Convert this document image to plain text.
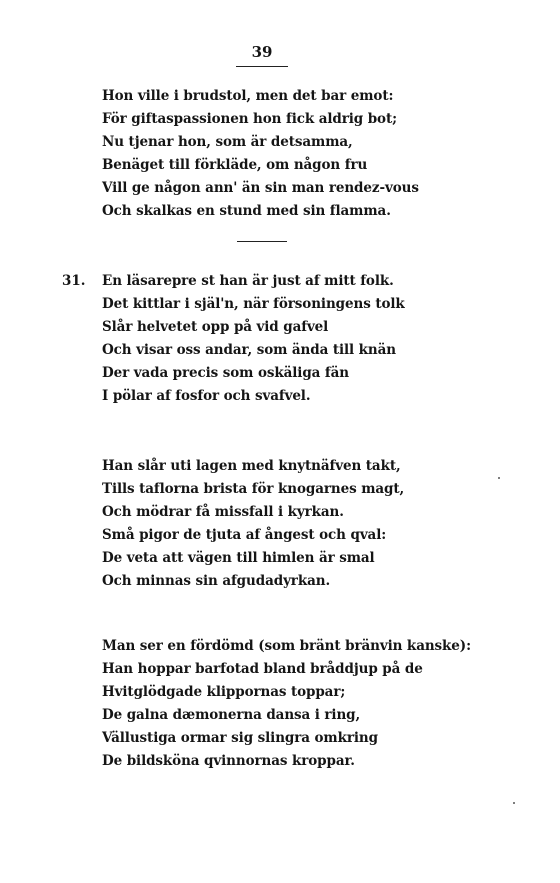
39
Hon ville i brudstol, men det bar emot:
För giftaspassionen hon fick aldrig bot;
Nu tjenar hon, som är detsamma,
Benäget till förkläde, om någon fru
Vill ge någon ann' än sin man rendez-vous
Och skalkas en stund med sin flamma.
31. En läsarepre st han är just af mitt folk.
Det kittlar i själ'n, när försoningens tolk
Slår helvetet opp på vid gafvel
Och visar oss andar, som ända till knän
Der vada precis som oskäliga fän
I pölar af fosfor och svafvel.
Han slår uti lagen med knytnäfven takt,
Tills taflorna brista för knogarnes magt,
Och mödrar få missfall i kyrkan.
Små pigor de tjuta af ångest och qval:
De veta att vägen till himlen är smal
Och minnas sin afgudadyrkan.
Man ser en fördömd (som bränt bränvin kanske):
Han hoppar barfotad bland bråddjup på de
Hvitglödgade klippornas toppar;
De galna dæmonerna dansa i ring,
Vällustiga ormar sig slingra omkring
De bildsköna qvinnornas kroppar.
